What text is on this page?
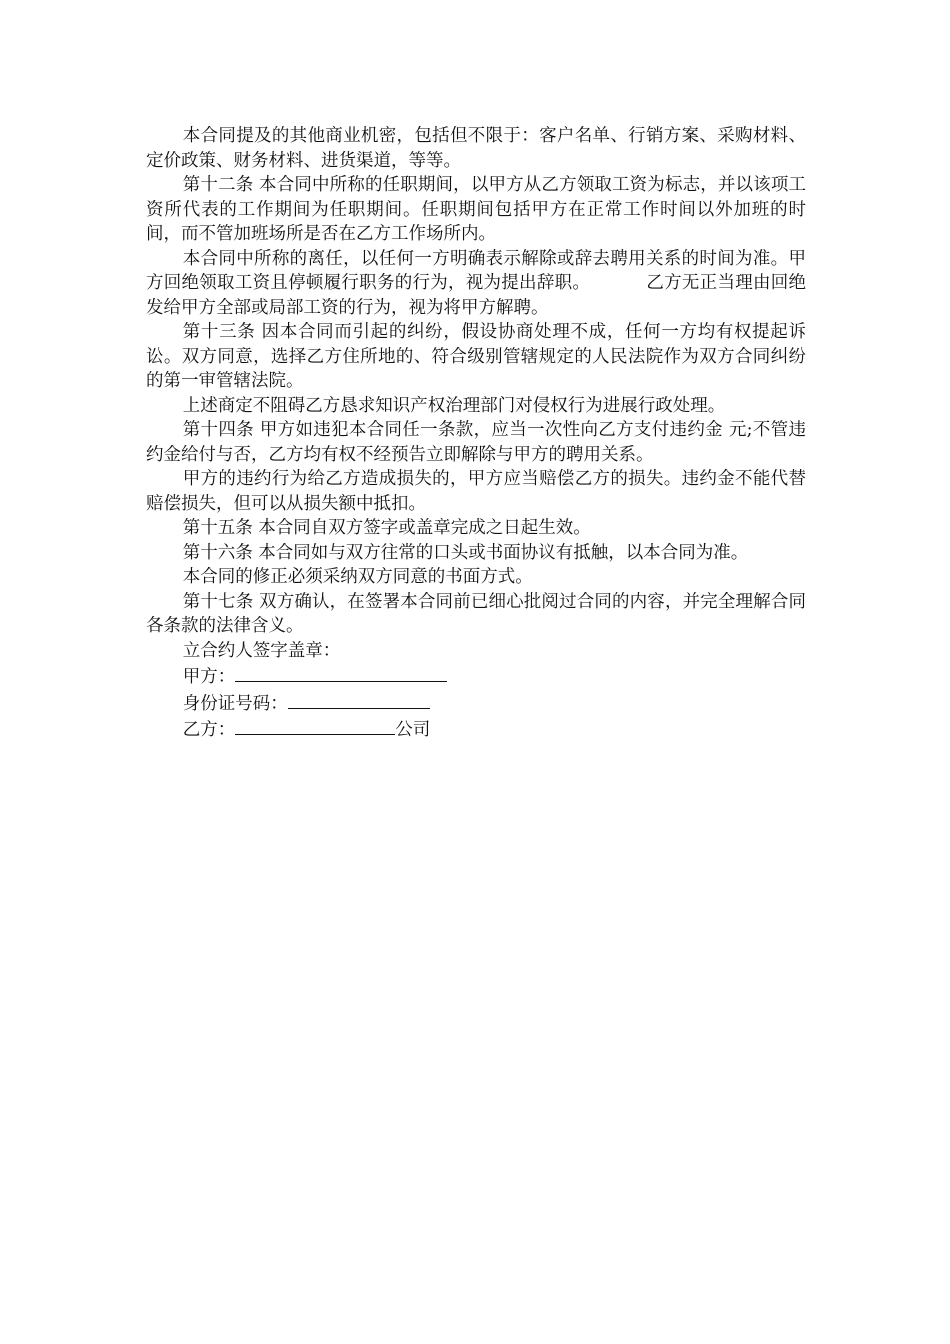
本合同提及的其他商业机密，包括但不限于：客户名单、行销方案、采购材料、定价政策、财务材料、进货渠道，等等。

第十二条 本合同中所称的任职期间，以甲方从乙方领取工资为标志，并以该项工资所代表的工作期间为任职期间。任职期间包括甲方在正常工作时间以外加班的时间，而不管加班场所是否在乙方工作场所内。

本合同中所称的离任，以任何一方明确表示解除或辞去聘用关系的时间为准。甲方回绝领取工资且停顿履行职务的行为，视为提出辞职。	乙方无正当理由回绝发给甲方全部或局部工资的行为，视为将甲方解聘。

第十三条 因本合同而引起的纠纷，假设协商处理不成，任何一方均有权提起诉讼。双方同意，选择乙方住所地的、符合级别管辖规定的人民法院作为双方合同纠纷的第一审管辖法院。

上述商定不阻碍乙方恳求知识产权治理部门对侵权行为进展行政处理。

第十四条 甲方如违犯本合同任一条款，应当一次性向乙方支付违约金 元;不管违约金给付与否，乙方均有权不经预告立即解除与甲方的聘用关系。

甲方的违约行为给乙方造成损失的，甲方应当赔偿乙方的损失。违约金不能代替赔偿损失，但可以从损失额中抵扣。

第十五条 本合同自双方签字或盖章完成之日起生效。

第十六条 本合同如与双方往常的口头或书面协议有抵触，以本合同为准。

本合同的修正必须采纳双方同意的书面方式。

第十七条 双方确认，在签署本合同前已细心批阅过合同的内容，并完全理解合同各条款的法律含义。

立合约人签字盖章：

甲方：

身份证号码：

乙方：	公司
